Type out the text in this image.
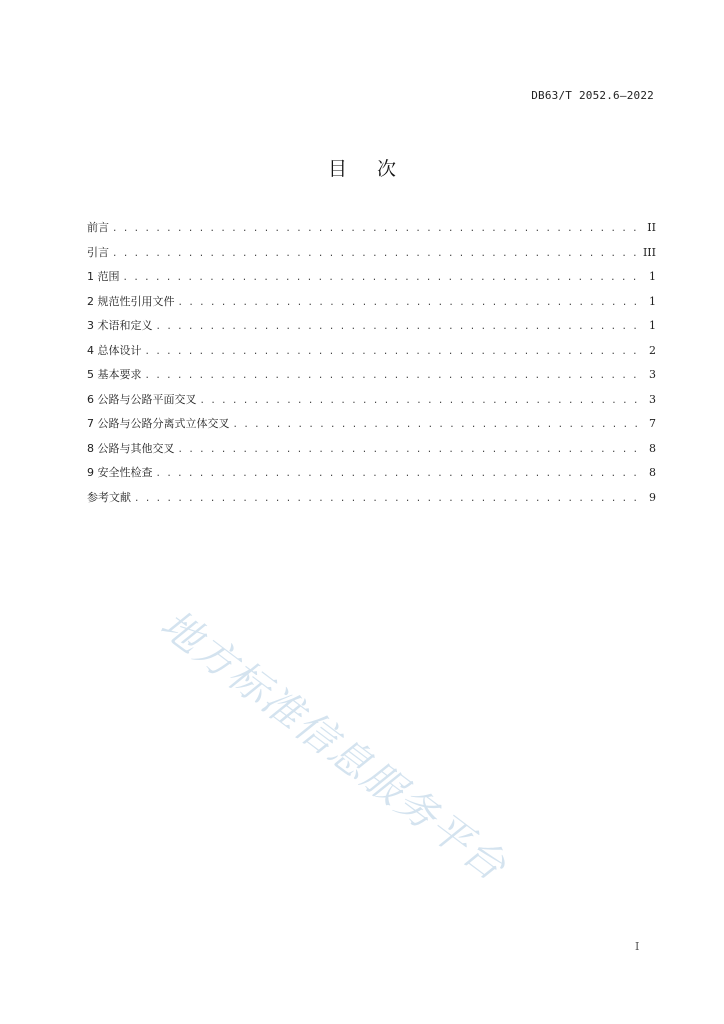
DB63/T 2052.6—2022
目 次
前言 . . .	II
引言 . . .	III
1 范围 . . .	1
2 规范性引用文件 . . .	1
3 术语和定义 . . .	1
4 总体设计 . . .	2
5 基本要求 . . .	3
6 公路与公路平面交叉 . . .	3
7 公路与公路分离式立体交叉 . . .	7
8 公路与其他交叉 . . .	8
9 安全性检查 . . .	8
参考文献 . . .	9
地方标准信息服务平台
I
